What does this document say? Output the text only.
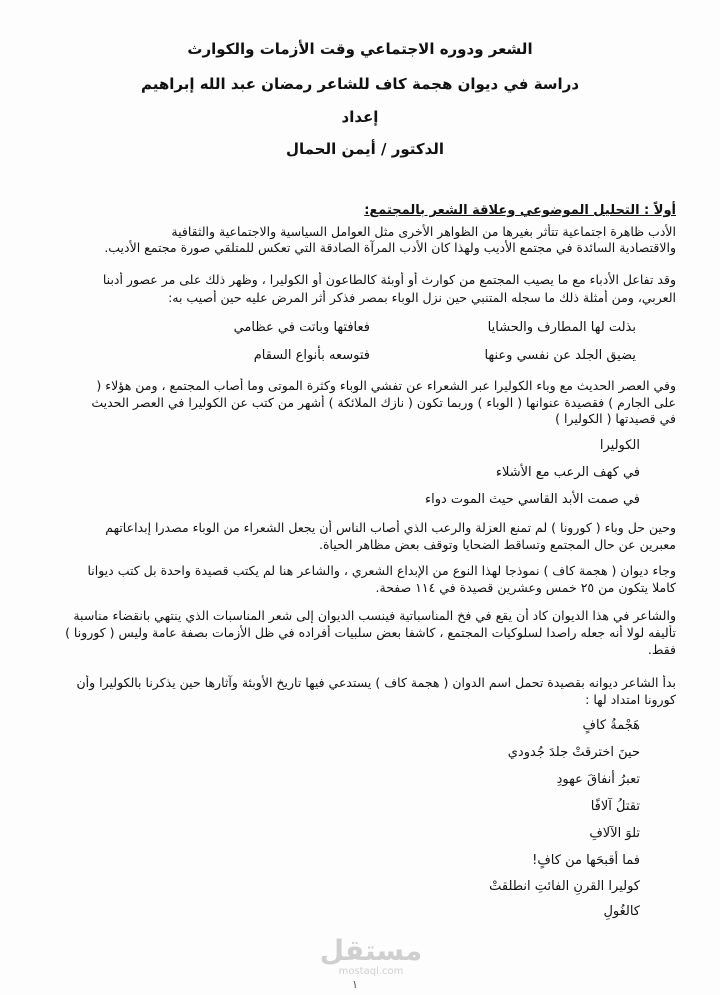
الشعر ودوره الاجتماعي وقت الأزمات والكوارث
دراسة في ديوان هجمة كاف للشاعر رمضان عبد الله إبراهيم
إعداد
الدكتور / أيمن الحمال
أولاً : التحليل الموضوعي وعلاقة الشعر بالمجتمع:
الأدب ظاهرة اجتماعية تتأثر بغيرها من الظواهر الأخرى مثل العوامل السياسية والاجتماعية والثقافية
والاقتصادية السائدة في مجتمع الأديب ولهذا كان الأدب المرآة الصادقة التي تعكس للمتلقي صورة مجتمع الأديب.
وقد تفاعل الأدباء مع ما يصيب المجتمع من كوارث أو أوبئة كالطاعون أو الكوليرا ، وظهر ذلك على مر عصور أدبنا
العربي، ومن أمثلة ذلك ما سجله المتنبي حين نزل الوباء بمصر فذكر أثر المرض عليه حين أصيب به:
بذلت لها المطارف والحشايا
فعافتها وباتت في عظامي
يضيق الجلد عن نفسي وعنها
فتوسعه بأنواع السقام
وفي العصر الحديث مع وباء الكوليرا عبر الشعراء عن تفشي الوباء وكثرة الموتى وما أصاب المجتمع ، ومن هؤلاء (
على الجارم ) فقصيدة عنوانها ( الوباء ) وربما تكون ( نازك الملائكة ) أشهر من كتب عن الكوليرا في العصر الحديث
في قصيدتها ( الكوليرا )
الكوليرا
في كهف الرعب مع الأشلاء
في صمت الأبد القاسي حيث الموت دواء
وحين حل وباء ( كورونا ) لم تمنع العزلة والرعب الذي أصاب الناس أن يجعل الشعراء من الوباء مصدرا إبداعاتهم
معبرين عن حال المجتمع وتساقط الضحايا وتوقف بعض مظاهر الحياة.
وجاء ديوان ( هجمة كاف ) نموذجا لهذا النوع من الإبداع الشعري ، والشاعر هنا لم يكتب قصيدة واحدة بل كتب ديوانا
كاملا يتكون من ٢٥ خمس وعشرين قصيدة في ١١٤ صفحة.
والشاعر في هذا الديوان كاد أن يقع في فخ المناسباتية فينسب الديوان إلى شعر المناسبات الذي ينتهي بانقضاء مناسبة
تأليفه لولا أنه جعله راصدا لسلوكيات المجتمع ، كاشفا بعض سلبيات أفراده في ظل الأزمات بصفة عامة وليس ( كورونا )
فقط.
بدأ الشاعر ديوانه بقصيدة تحمل اسم الدوان ( هجمة كاف ) يستدعي فيها تاريخ الأوبئة وآثارها حين يذكرنا بالكوليرا وأن
كورونا امتداد لها :
هَجْمةُ كافٍ
حينَ اخترقتْ جلدَ جُدودي
تعبرُ أنفاقَ عهودِ
تقتلُ آلافًا
تلوَ الآلافِ
فما أقبحَها من كافٍ!
كوليرا القرنِ الفائتِ انطلقتْ
كالغُولِ
مستقل
mostaql.com
١
